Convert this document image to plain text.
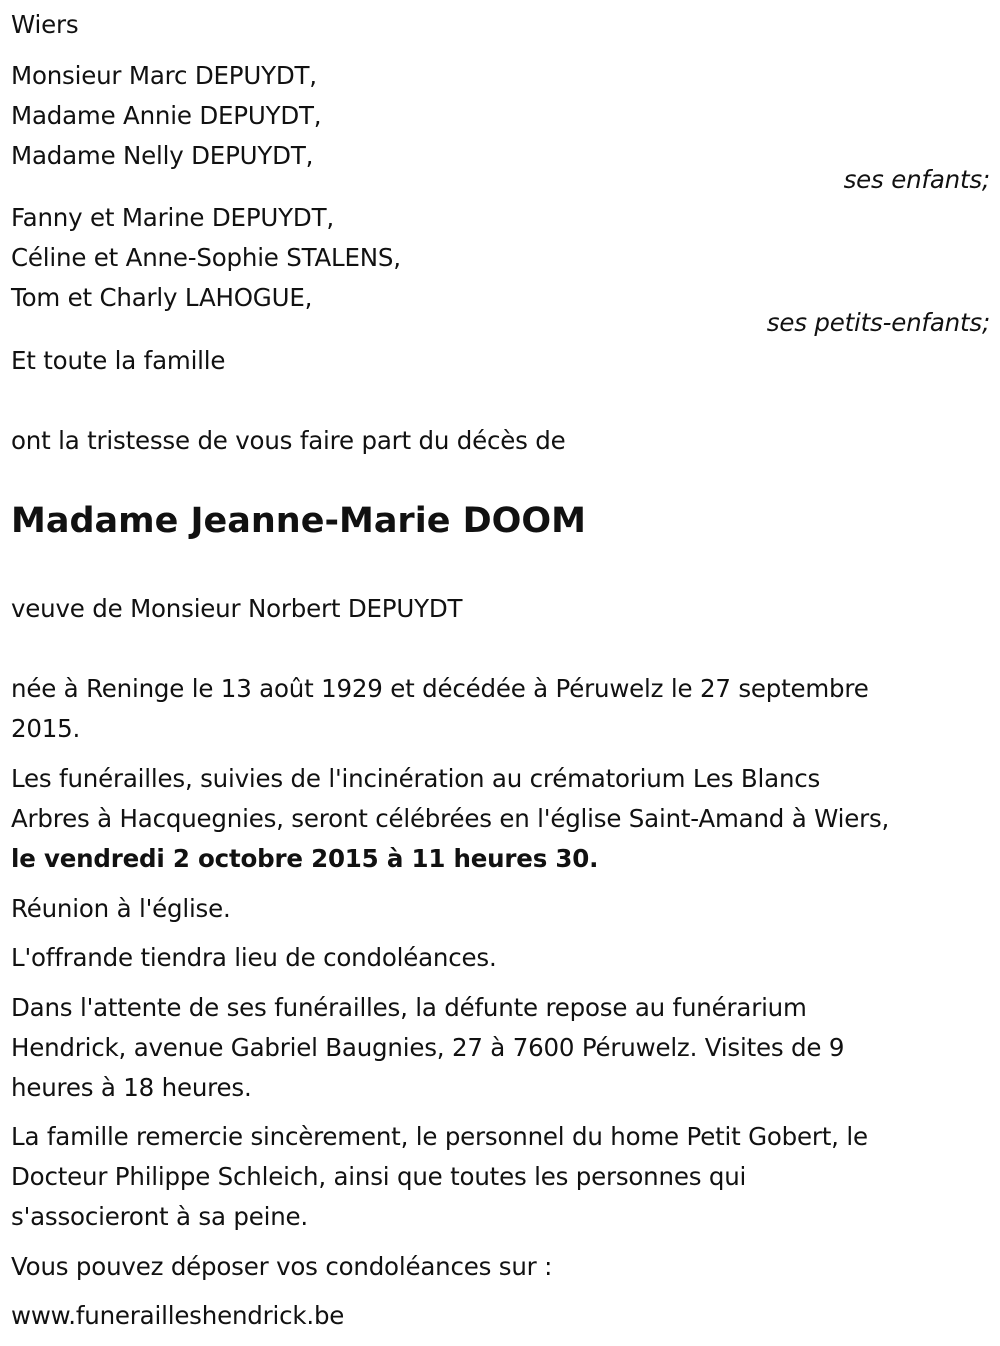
Wiers
Monsieur Marc DEPUYDT,
Madame Annie DEPUYDT,
Madame Nelly DEPUYDT,
ses enfants;
Fanny et Marine DEPUYDT,
Céline et Anne-Sophie STALENS,
Tom et Charly LAHOGUE,
ses petits-enfants;
Et toute la famille
ont la tristesse de vous faire part du décès de
Madame Jeanne-Marie DOOM
veuve de Monsieur Norbert DEPUYDT
née à Reninge le 13 août 1929 et décédée à Péruwelz le 27 septembre
2015.
Les funérailles, suivies de l'incinération au crématorium Les Blancs
Arbres à Hacquegnies, seront célébrées en l'église Saint-Amand à Wiers,
le vendredi 2 octobre 2015 à 11 heures 30.
Réunion à l'église.
L'offrande tiendra lieu de condoléances.
Dans l'attente de ses funérailles, la défunte repose au funérarium
Hendrick, avenue Gabriel Baugnies, 27 à 7600 Péruwelz. Visites de 9
heures à 18 heures.
La famille remercie sincèrement, le personnel du home Petit Gobert, le
Docteur Philippe Schleich, ainsi que toutes les personnes qui
s'associeront à sa peine.
Vous pouvez déposer vos condoléances sur :
www.funerailleshendrick.be
